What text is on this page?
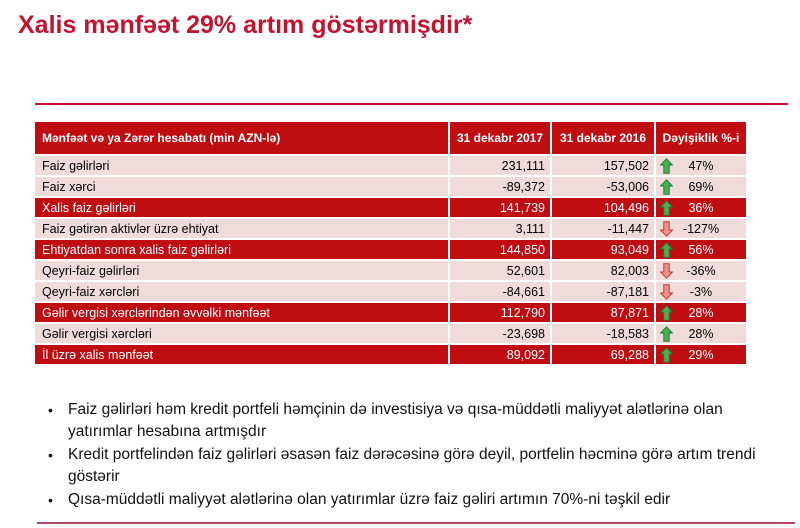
Xalis mənfəət 29% artım göstərmişdir*
Mənfəət və ya Zərər hesabatı (min AZN-lə)	31 dekabr 2017	31 dekabr 2016	Dəyişiklik %-i
Faiz gəlirləri	231,111	157,502	47%
Faiz xərci	-89,372	-53,006	69%
Xalis faiz gəlirləri	141,739	104,496	36%
Faiz gətirən aktivlər üzrə ehtiyat	3,111	-11,447	-127%
Ehtiyatdan sonra xalis faiz gəlirləri	144,850	93,049	56%
Qeyri-faiz gəlirləri	52,601	82,003	-36%
Qeyri-faiz xərcləri	-84,661	-87,181	-3%
Gəlir vergisi xərclərindən əvvəlki mənfəət	112,790	87,871	28%
Gəlir vergisi xərcləri	-23,698	-18,583	28%
İl üzrə xalis mənfəət	89,092	69,288	29%
• Faiz gəlirləri həm kredit portfeli həmçinin də investisiya və qısa-müddətli maliyyət alətlərinə olan yatırımlar hesabına artmışdır
• Kredit portfelindən faiz gəlirləri əsasən faiz dərəcəsinə görə deyil, portfelin həcminə görə artım trendi göstərir
• Qısa-müddətli maliyyət alətlərinə olan yatırımlar üzrə faiz gəliri artımın 70%-ni təşkil edir
